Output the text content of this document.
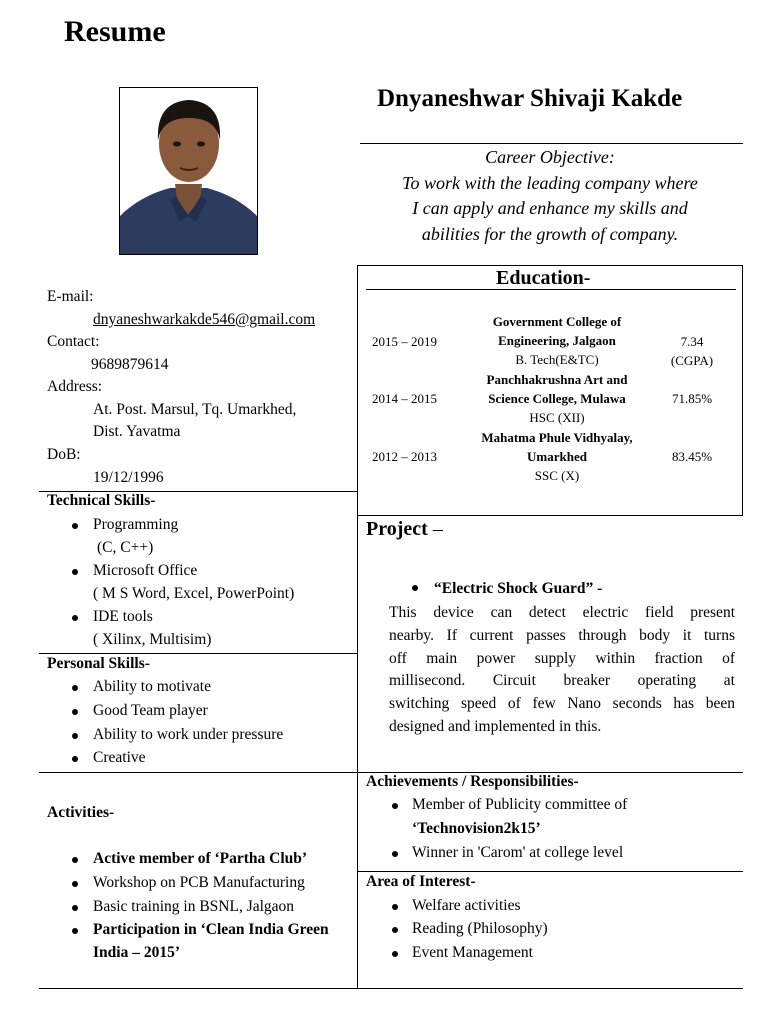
Resume
Dnyaneshwar Shivaji Kakde
Career Objective:
To work with the leading company where
I can apply and enhance my skills and
abilities for the growth of company.
E-mail:
dnyaneshwarkakde546@gmail.com
Contact:
9689879614
Address:
At. Post. Marsul, Tq. Umarkhed,
Dist. Yavatma
DoB:
19/12/1996
Technical Skills-
Programming
(C, C++)
Microsoft Office
( M S Word, Excel, PowerPoint)
IDE tools
( Xilinx, Multisim)
Personal Skills-
Ability to motivate
Good Team player
Ability to work under pressure
Creative
Activities-
Active member of ‘Partha Club’
Workshop on PCB Manufacturing
Basic training in BSNL, Jalgaon
Participation in ‘Clean India Green
India – 2015’
Education-
2015 – 2019
Government College of
Engineering, Jalgaon
B. Tech(E&TC)
7.34
(CGPA)
2014 – 2015
Panchhakrushna Art and
Science College, Mulawa
HSC (XII)
71.85%
2012 – 2013
Mahatma Phule Vidhyalay,
Umarkhed
SSC (X)
83.45%
Project –
“Electric Shock Guard” -
This device can detect electric field present
nearby. If current passes through body it turns
off main power supply within fraction of
millisecond. Circuit breaker operating at
switching speed of few Nano seconds has been
designed and implemented in this.
Achievements / Responsibilities-
Member of Publicity committee of
‘Technovision2k15’
Winner in 'Carom' at college level
Area of Interest-
Welfare activities
Reading (Philosophy)
Event Management
